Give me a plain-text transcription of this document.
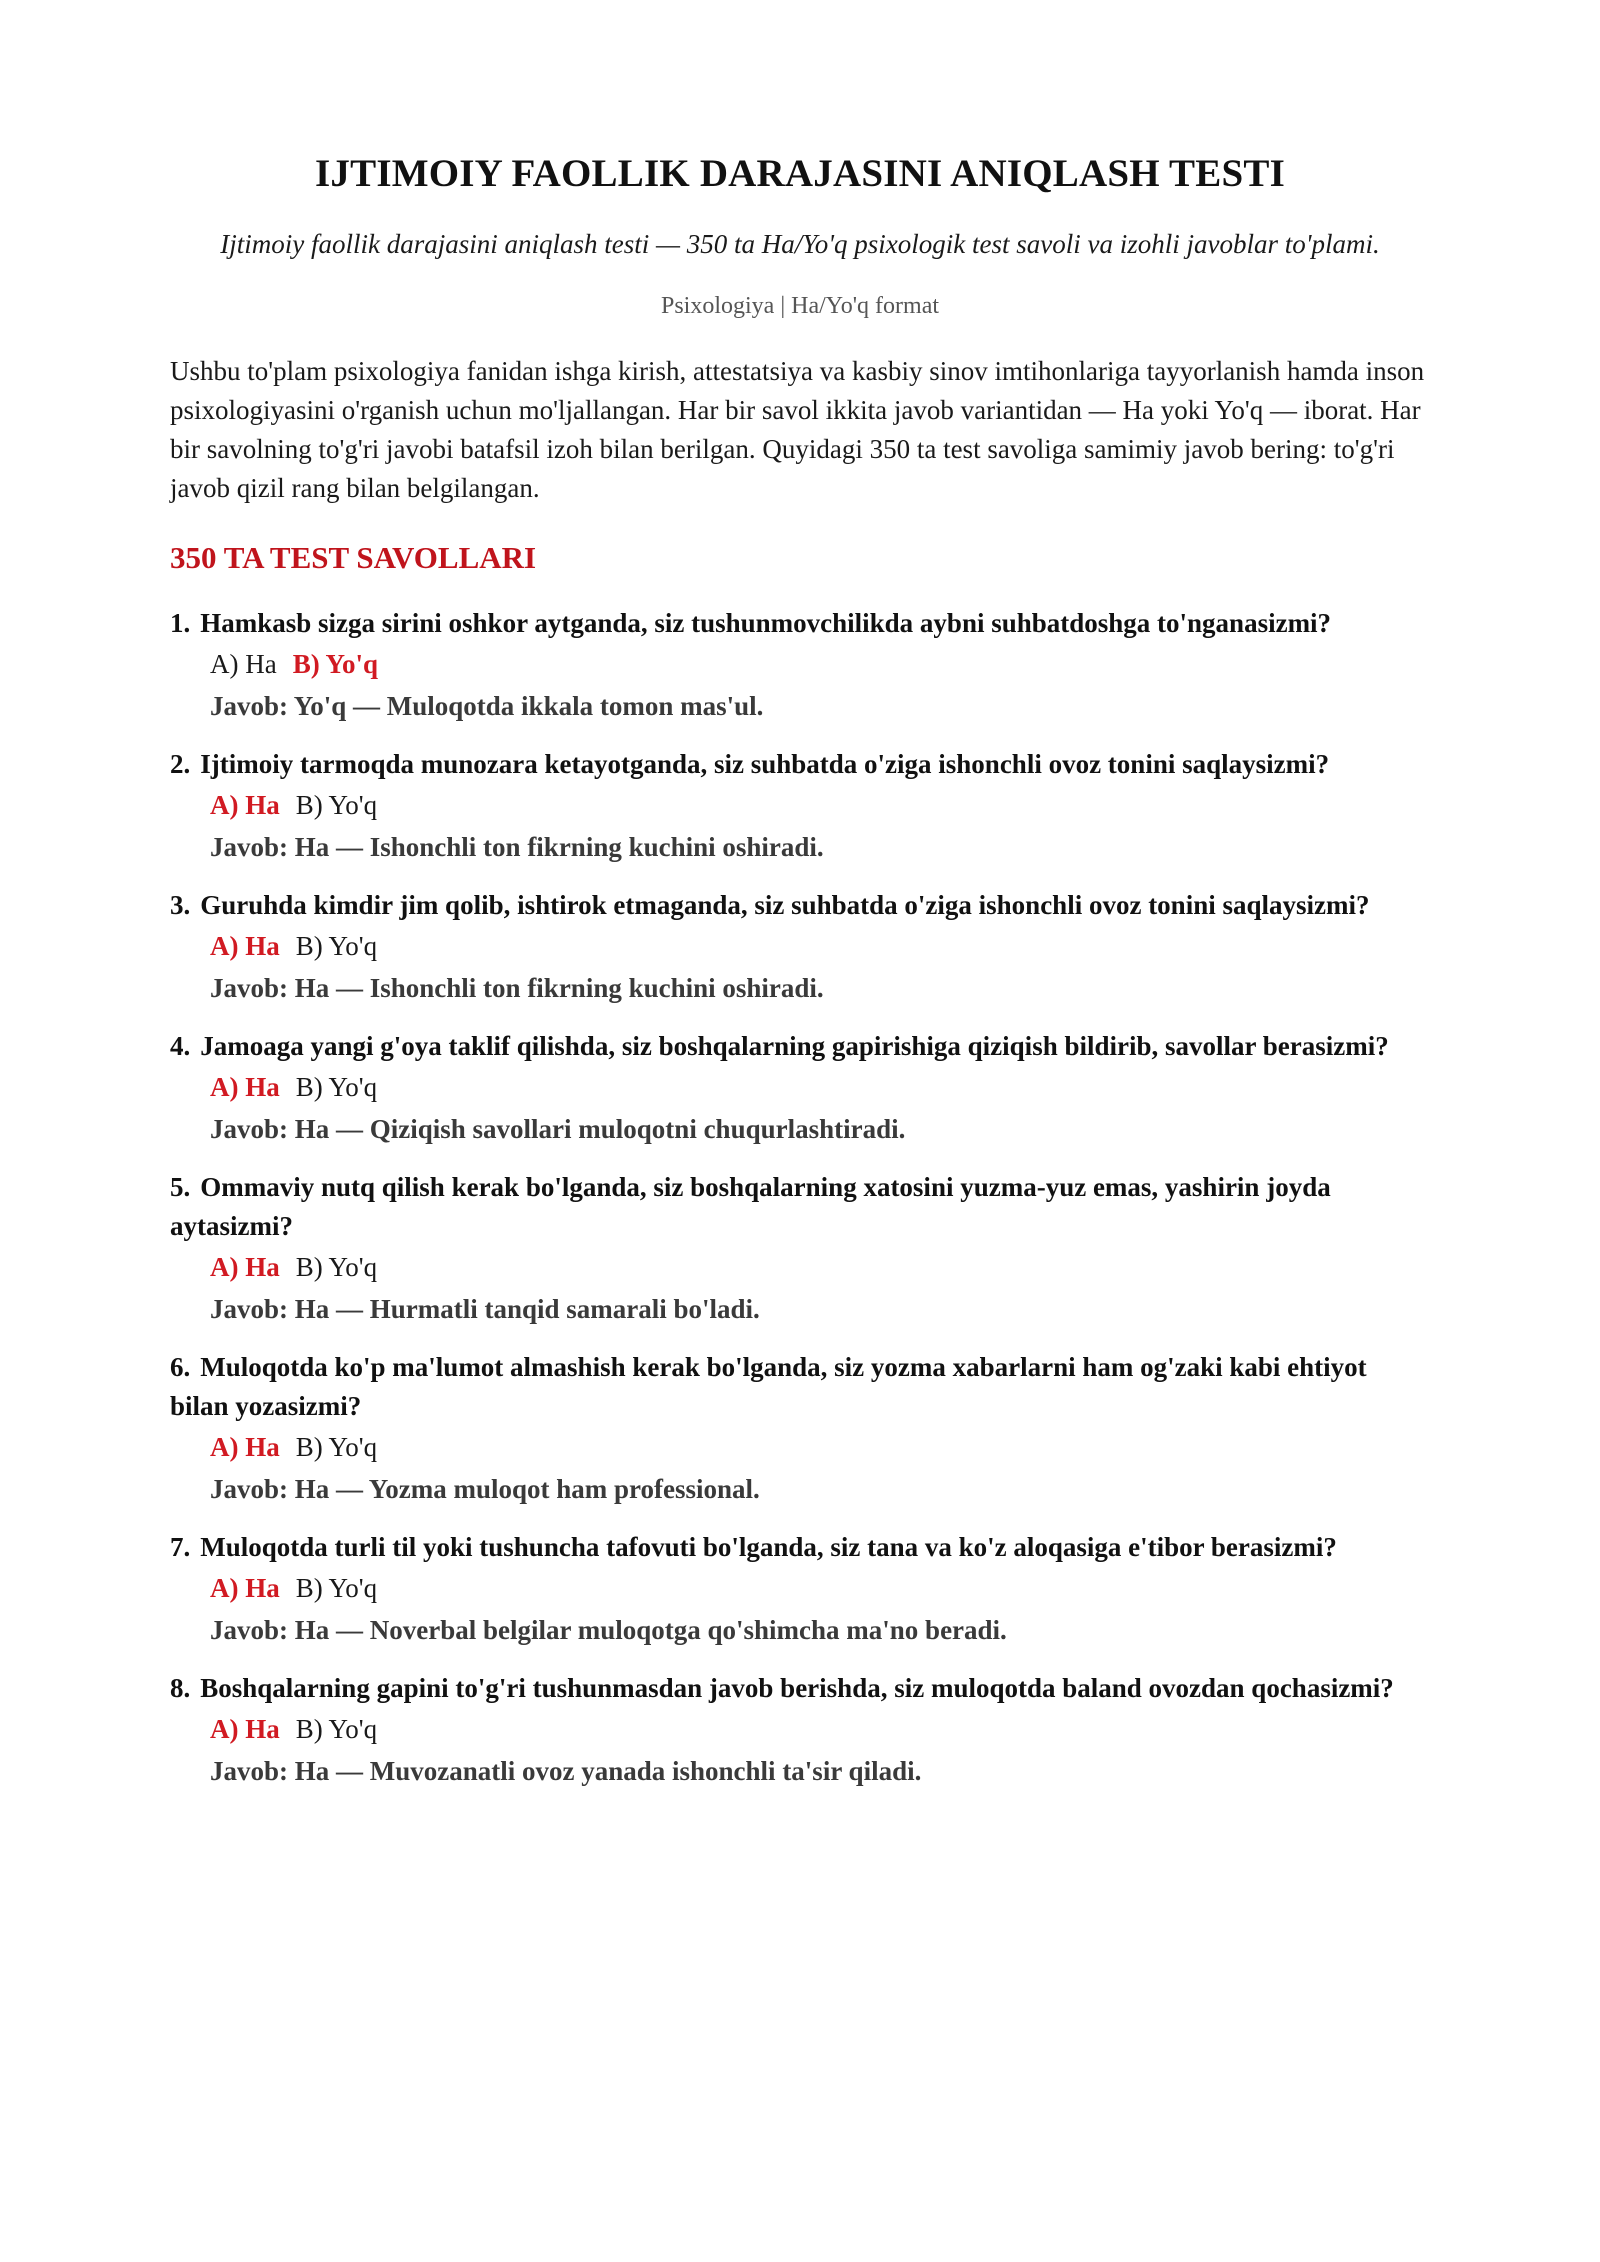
IJTIMOIY FAOLLIK DARAJASINI ANIQLASH TESTI
Ijtimoiy faollik darajasini aniqlash testi — 350 ta Ha/Yo'q psixologik test savoli va izohli javoblar to'plami.
Psixologiya | Ha/Yo'q format
Ushbu to'plam psixologiya fanidan ishga kirish, attestatsiya va kasbiy sinov imtihonlariga tayyorlanish hamda inson psixologiyasini o'rganish uchun mo'ljallangan. Har bir savol ikkita javob variantidan — Ha yoki Yo'q — iborat. Har bir savolning to'g'ri javobi batafsil izoh bilan berilgan. Quyidagi 350 ta test savoliga samimiy javob bering: to'g'ri javob qizil rang bilan belgilangan.
350 TA TEST SAVOLLARI
1. Hamkasb sizga sirini oshkor aytganda, siz tushunmovchilikda aybni suhbatdoshga to'nganasizmi?
A) Ha B) Yo'q
Javob: Yo'q — Muloqotda ikkala tomon mas'ul.
2. Ijtimoiy tarmoqda munozara ketayotganda, siz suhbatda o'ziga ishonchli ovoz tonini saqlaysizmi?
A) Ha B) Yo'q
Javob: Ha — Ishonchli ton fikrning kuchini oshiradi.
3. Guruhda kimdir jim qolib, ishtirok etmaganda, siz suhbatda o'ziga ishonchli ovoz tonini saqlaysizmi?
A) Ha B) Yo'q
Javob: Ha — Ishonchli ton fikrning kuchini oshiradi.
4. Jamoaga yangi g'oya taklif qilishda, siz boshqalarning gapirishiga qiziqish bildirib, savollar berasizmi?
A) Ha B) Yo'q
Javob: Ha — Qiziqish savollari muloqotni chuqurlashtiradi.
5. Ommaviy nutq qilish kerak bo'lganda, siz boshqalarning xatosini yuzma-yuz emas, yashirin joyda aytasizmi?
A) Ha B) Yo'q
Javob: Ha — Hurmatli tanqid samarali bo'ladi.
6. Muloqotda ko'p ma'lumot almashish kerak bo'lganda, siz yozma xabarlarni ham og'zaki kabi ehtiyot bilan yozasizmi?
A) Ha B) Yo'q
Javob: Ha — Yozma muloqot ham professional.
7. Muloqotda turli til yoki tushuncha tafovuti bo'lganda, siz tana va ko'z aloqasiga e'tibor berasizmi?
A) Ha B) Yo'q
Javob: Ha — Noverbal belgilar muloqotga qo'shimcha ma'no beradi.
8. Boshqalarning gapini to'g'ri tushunmasdan javob berishda, siz muloqotda baland ovozdan qochasizmi?
A) Ha B) Yo'q
Javob: Ha — Muvozanatli ovoz yanada ishonchli ta'sir qiladi.
